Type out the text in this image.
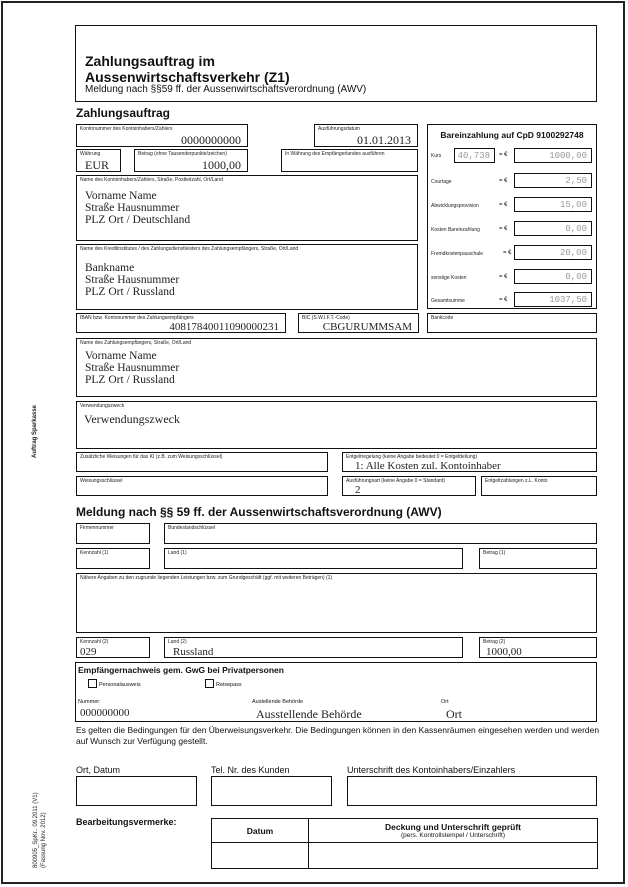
Auftrag Sparkasse
800905_SpKr.. 09.2011 (V1) (Fassung Nov. 2012)
Zahlungsauftrag im
Aussenwirtschaftsverkehr (Z1)
Meldung nach §§59 ff. der Aussenwirtschaftsverordnung (AWV)
Zahlungsauftrag
Kontonummer des Kontoinhabers/Zahlers
0000000000
Ausführungsdatum
01.01.2013
Währung
EUR
Betrag (ohne Tausenderpunkte/zeichen)
1000,00
In Währung des Empfängerlandes ausführen
Name des Kontoinhabers/Zahlers, Straße, Postleitzahl, Ort/Land
Vorname Name
Straße Hausnummer
PLZ Ort / Deutschland
Name des Kreditinstitutes / des Zahlungsdienstleisters des Zahlungsempfängers, Straße, Ort/Land
Bankname
Straße Hausnummer
PLZ Ort / Russland
Bareinzahlung auf CpD 9100292748
Kurs 40,738 = €	1000,00
Courtage	= €	2,50
Abwicklungsprovision	= €	15,00
Kosten Bareinzahlung	= €	0,00
Fremdkostenpauschale	= €	20,00
sonstige Kosten	= €	0,00
Gesamtsumme	= €	1037,50
IBAN bzw. Kontonummer des Zahlungsempfängers
40817840011090000231
BIC (S.W.I.F.T.-Code)
CBGURUMMSAM
Bankcode
Name des Zahlungsempfängers, Straße, Ort/Land
Vorname Name
Straße Hausnummer
PLZ Ort / Russland
Verwendungszweck
Verwendungszweck
Zusätzliche Weisungen für das KI (z.B. zum Weisungsschlüssel)	Entgeltregelung (keine Angabe bedeutet 0 = Entgeltteilung)
1: Alle Kosten zul. Kontoinhaber
Weisungsschlüssel	Ausführungsart (keine Angabe 0 = Standard)
2
Entgeltzahlungen z.L. Konto
Meldung nach §§ 59 ff. der Aussenwirtschaftsverordnung (AWV)
Firmennummer	Bundeslandschlüssel
Kennzahl (1)	Land (1)	Betrag (1)
Nähere Angaben zu den zugrunde liegenden Leistungen bzw. zum Grundgeschäft (ggf. mit weiteren Beträgen) (1)
Kennzahl (2)
029
Land (2)
Russland
Betrag (2)
1000,00
Empfängernachweis gem. GwG bei Privatpersonen
Personalausweis	Reisepass
Nummer:
000000000
Austellende Behörde
Ausstellende Behörde
Ort
Ort
Es gelten die Bedingungen für den Überweisungsverkehr. Die Bedingungen können in den Kassenräumen eingesehen werden und werden auf Wunsch zur Verfügung gestellt.
Ort, Datum	Tel. Nr. des Kunden	Unterschrift des Kontoinhabers/Einzahlers
Bearbeitungsvermerke:
Datum	Deckung und Unterschrift geprüft
(pers. Kontrollstempel / Unterschrift)
